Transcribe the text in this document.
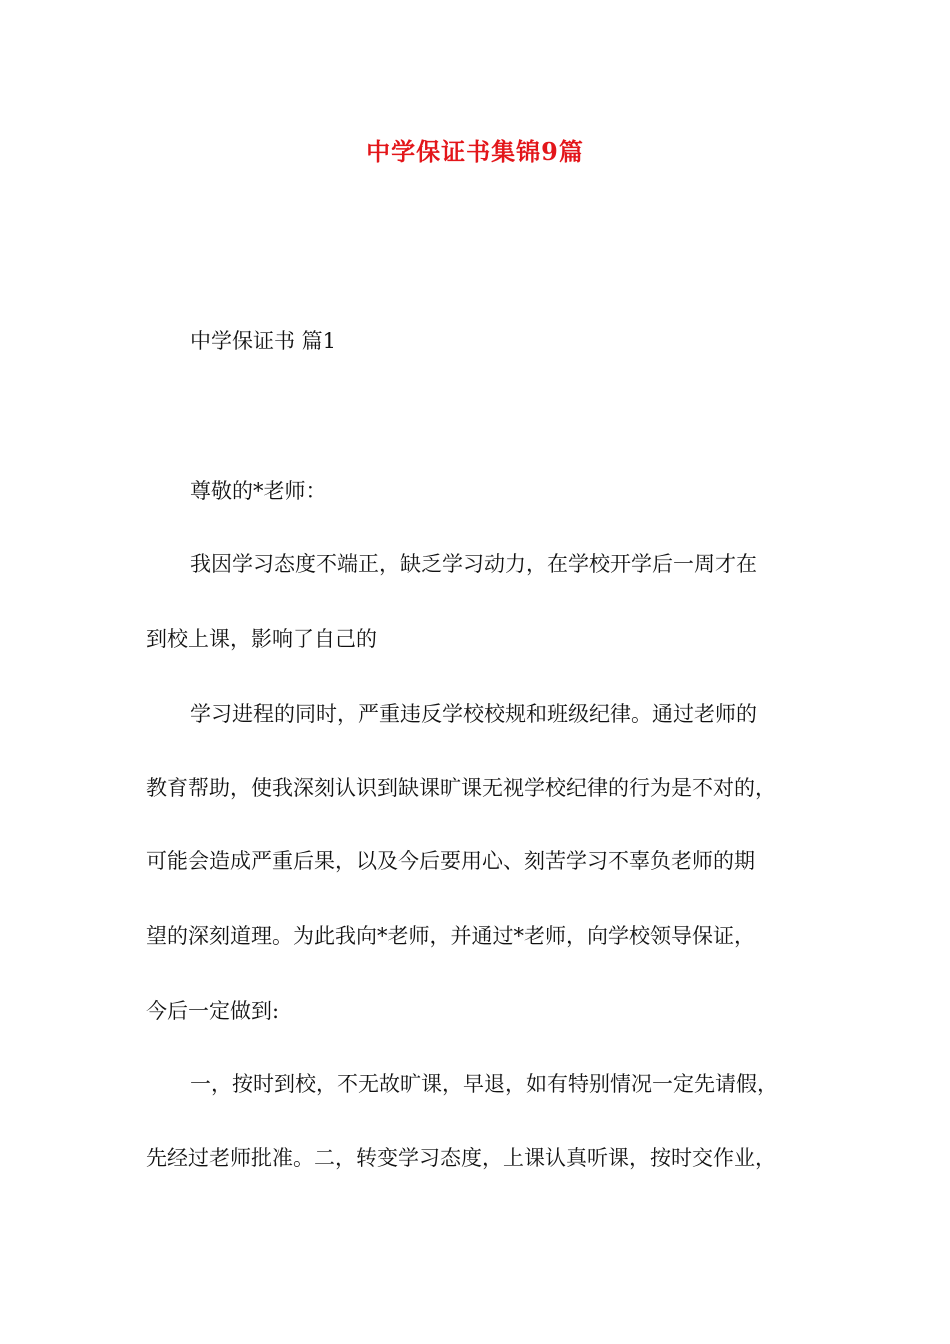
中学保证书集锦9篇

中学保证书 篇1

尊敬的*老师：

我因学习态度不端正，缺乏学习动力，在学校开学后一周才在

到校上课，影响了自己的

学习进程的同时，严重违反学校校规和班级纪律。通过老师的

教育帮助，使我深刻认识到缺课旷课无视学校纪律的行为是不对的，

可能会造成严重后果，以及今后要用心、刻苦学习不辜负老师的期

望的深刻道理。为此我向*老师，并通过*老师，向学校领导保证，

今后一定做到:

一，按时到校，不无故旷课，早退，如有特别情况一定先请假，

先经过老师批准。二，转变学习态度，上课认真听课，按时交作业，
